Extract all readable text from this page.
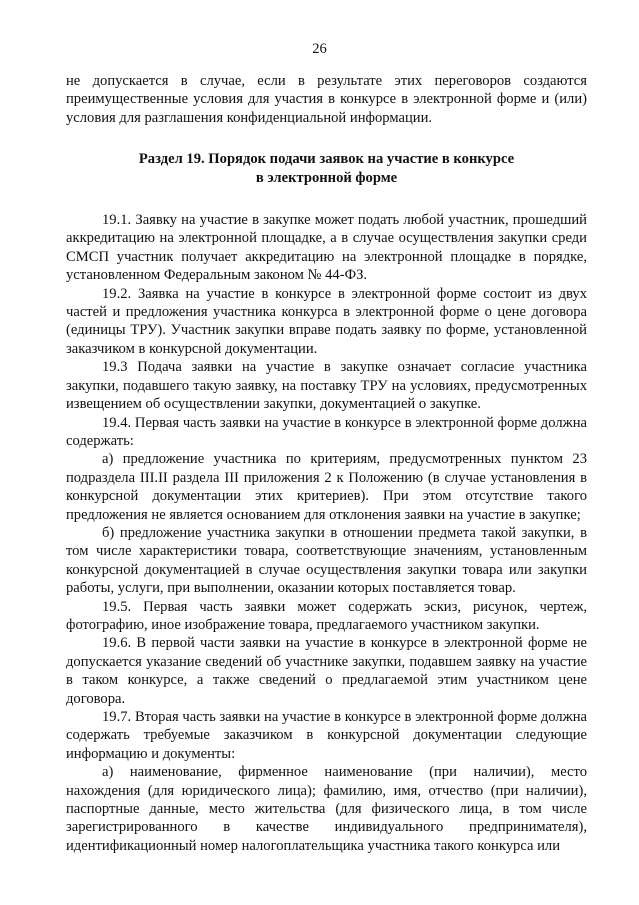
26

не допускается в случае, если в результате этих переговоров создаются преимущественные условия для участия в конкурсе в электронной форме и (или) условия для разглашения конфиденциальной информации.

Раздел 19. Порядок подачи заявок на участие в конкурсе
в электронной форме

19.1. Заявку на участие в закупке может подать любой участник, прошедший аккредитацию на электронной площадке, а в случае осуществления закупки среди СМСП участник получает аккредитацию на электронной площадке в порядке, установленном Федеральным законом № 44-ФЗ.

19.2. Заявка на участие в конкурсе в электронной форме состоит из двух частей и предложения участника конкурса в электронной форме о цене договора (единицы ТРУ). Участник закупки вправе подать заявку по форме, установленной заказчиком в конкурсной документации.

19.3 Подача заявки на участие в закупке означает согласие участника закупки, подавшего такую заявку, на поставку ТРУ на условиях, предусмотренных извещением об осуществлении закупки, документацией о закупке.

19.4. Первая часть заявки на участие в конкурсе в электронной форме должна содержать:

а) предложение участника по критериям, предусмотренных пунктом 23 подраздела III.II раздела III приложения 2 к Положению (в случае установления в конкурсной документации этих критериев). При этом отсутствие такого предложения не является основанием для отклонения заявки на участие в закупке;

б) предложение участника закупки в отношении предмета такой закупки, в том числе характеристики товара, соответствующие значениям, установленным конкурсной документацией в случае осуществления закупки товара или закупки работы, услуги, при выполнении, оказании которых поставляется товар.

19.5. Первая часть заявки может содержать эскиз, рисунок, чертеж, фотографию, иное изображение товара, предлагаемого участником закупки.

19.6. В первой части заявки на участие в конкурсе в электронной форме не допускается указание сведений об участнике закупки, подавшем заявку на участие в таком конкурсе, а также сведений о предлагаемой этим участником цене договора.

19.7. Вторая часть заявки на участие в конкурсе в электронной форме должна содержать требуемые заказчиком в конкурсной документации следующие информацию и документы:

а) наименование, фирменное наименование (при наличии), место нахождения (для юридического лица); фамилию, имя, отчество (при наличии), паспортные данные, место жительства (для физического лица, в том числе зарегистрированного в качестве индивидуального предпринимателя), идентификационный номер налогоплательщика участника такого конкурса или
